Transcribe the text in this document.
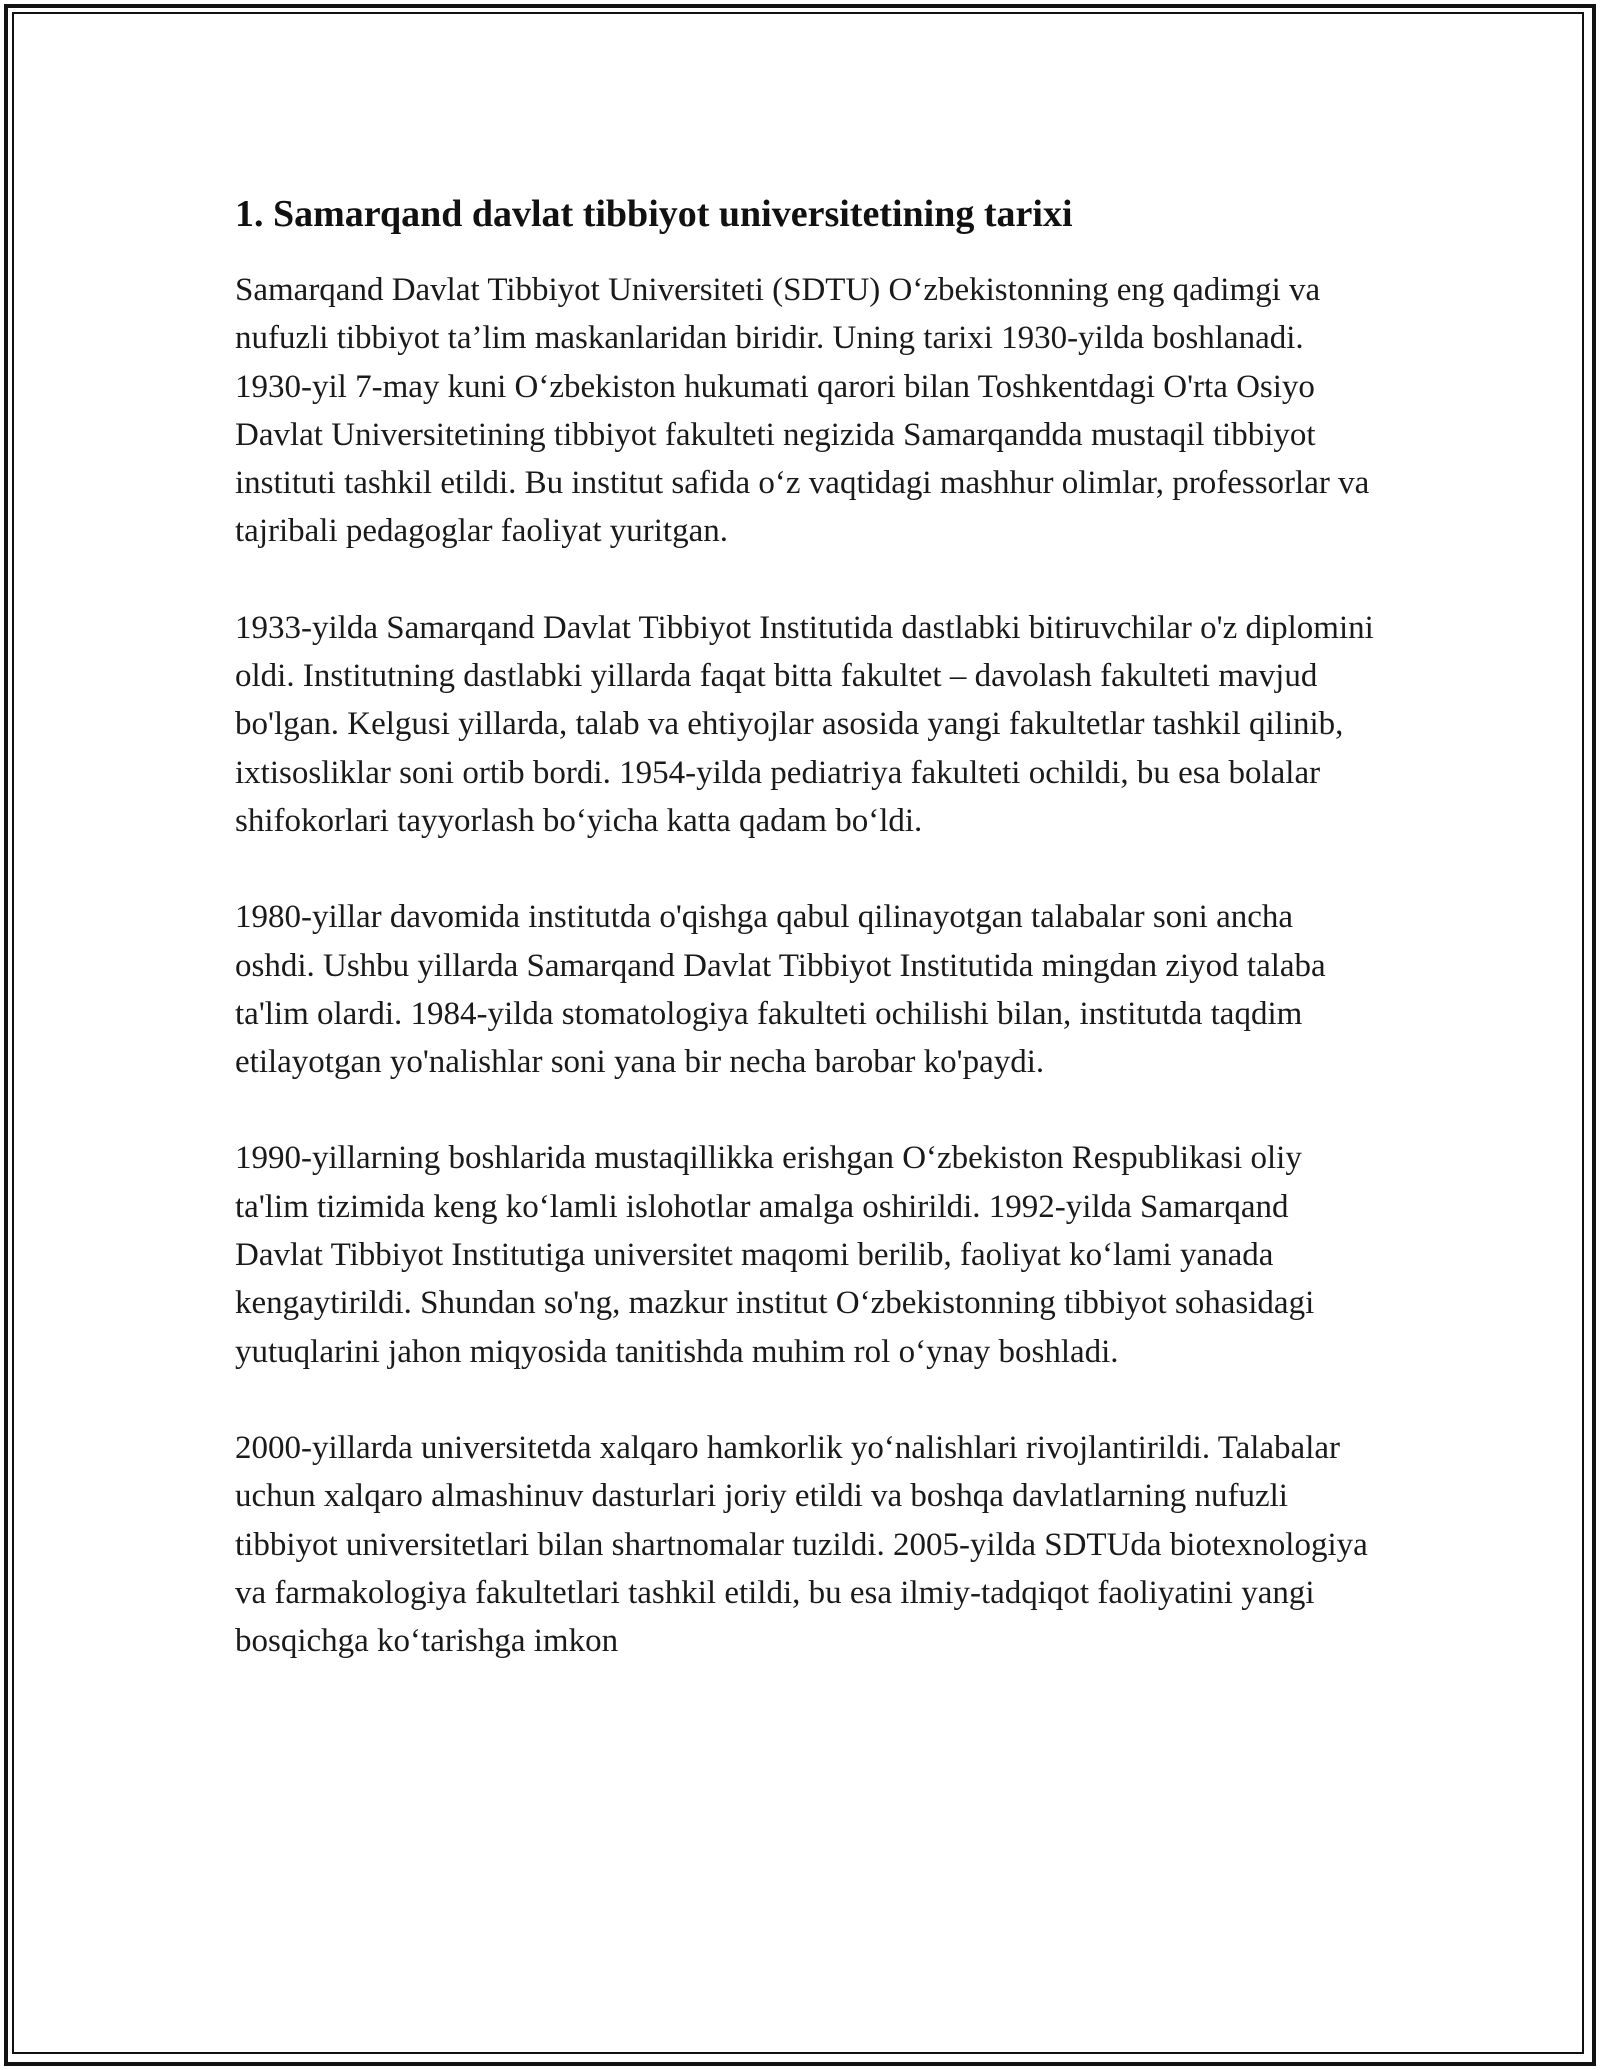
1. Samarqand davlat tibbiyot universitetining tarixi

Samarqand Davlat Tibbiyot Universiteti (SDTU) O‘zbekistonning eng qadimgi va nufuzli tibbiyot ta’lim maskanlaridan biridir. Uning tarixi 1930-yilda boshlanadi. 1930-yil 7-may kuni O‘zbekiston hukumati qarori bilan Toshkentdagi O'rta Osiyo Davlat Universitetining tibbiyot fakulteti negizida Samarqandda mustaqil tibbiyot instituti tashkil etildi. Bu institut safida o‘z vaqtidagi mashhur olimlar, professorlar va tajribali pedagoglar faoliyat yuritgan.

1933-yilda Samarqand Davlat Tibbiyot Institutida dastlabki bitiruvchilar o'z diplomini oldi. Institutning dastlabki yillarda faqat bitta fakultet – davolash fakulteti mavjud bo'lgan. Kelgusi yillarda, talab va ehtiyojlar asosida yangi fakultetlar tashkil qilinib, ixtisosliklar soni ortib bordi. 1954-yilda pediatriya fakulteti ochildi, bu esa bolalar shifokorlari tayyorlash bo‘yicha katta qadam bo‘ldi.

1980-yillar davomida institutda o'qishga qabul qilinayotgan talabalar soni ancha oshdi. Ushbu yillarda Samarqand Davlat Tibbiyot Institutida mingdan ziyod talaba ta'lim olardi. 1984-yilda stomatologiya fakulteti ochilishi bilan, institutda taqdim etilayotgan yo'nalishlar soni yana bir necha barobar ko'paydi.

1990-yillarning boshlarida mustaqillikka erishgan O‘zbekiston Respublikasi oliy ta'lim tizimida keng ko‘lamli islohotlar amalga oshirildi. 1992-yilda Samarqand Davlat Tibbiyot Institutiga universitet maqomi berilib, faoliyat ko‘lami yanada kengaytirildi. Shundan so'ng, mazkur institut O‘zbekistonning tibbiyot sohasidagi yutuqlarini jahon miqyosida tanitishda muhim rol o‘ynay boshladi.

2000-yillarda universitetda xalqaro hamkorlik yo‘nalishlari rivojlantirildi. Talabalar uchun xalqaro almashinuv dasturlari joriy etildi va boshqa davlatlarning nufuzli tibbiyot universitetlari bilan shartnomalar tuzildi. 2005-yilda SDTUda biotexnologiya va farmakologiya fakultetlari tashkil etildi, bu esa ilmiy-tadqiqot faoliyatini yangi bosqichga ko‘tarishga imkon
